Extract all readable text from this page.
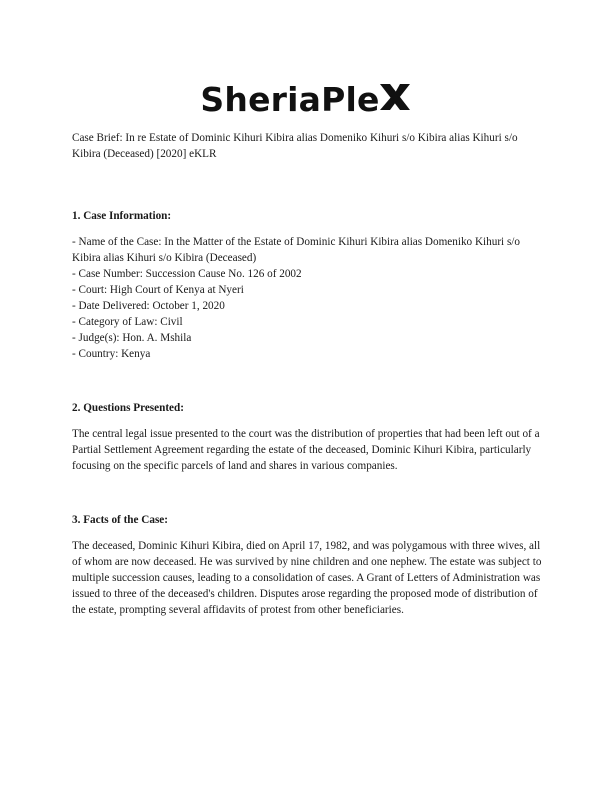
SheriaPle

Case Brief: In re Estate of Dominic Kihuri Kibira alias Domeniko Kihuri s/o Kibira alias Kihuri s/o Kibira (Deceased) [2020] eKLR

1. Case Information:

- Name of the Case: In the Matter of the Estate of Dominic Kihuri Kibira alias Domeniko Kihuri s/o Kibira alias Kihuri s/o Kibira (Deceased)

- Case Number: Succession Cause No. 126 of 2002

- Court: High Court of Kenya at Nyeri

- Date Delivered: October 1, 2020

- Category of Law: Civil

- Judge(s): Hon. A. Mshila

- Country: Kenya

2. Questions Presented:

The central legal issue presented to the court was the distribution of properties that had been left out of a Partial Settlement Agreement regarding the estate of the deceased, Dominic Kihuri Kibira, particularly focusing on the specific parcels of land and shares in various companies.

3. Facts of the Case:

The deceased, Dominic Kihuri Kibira, died on April 17, 1982, and was polygamous with three wives, all of whom are now deceased. He was survived by nine children and one nephew. The estate was subject to multiple succession causes, leading to a consolidation of cases. A Grant of Letters of Administration was issued to three of the deceased's children. Disputes arose regarding the proposed mode of distribution of the estate, prompting several affidavits of protest from other beneficiaries.
